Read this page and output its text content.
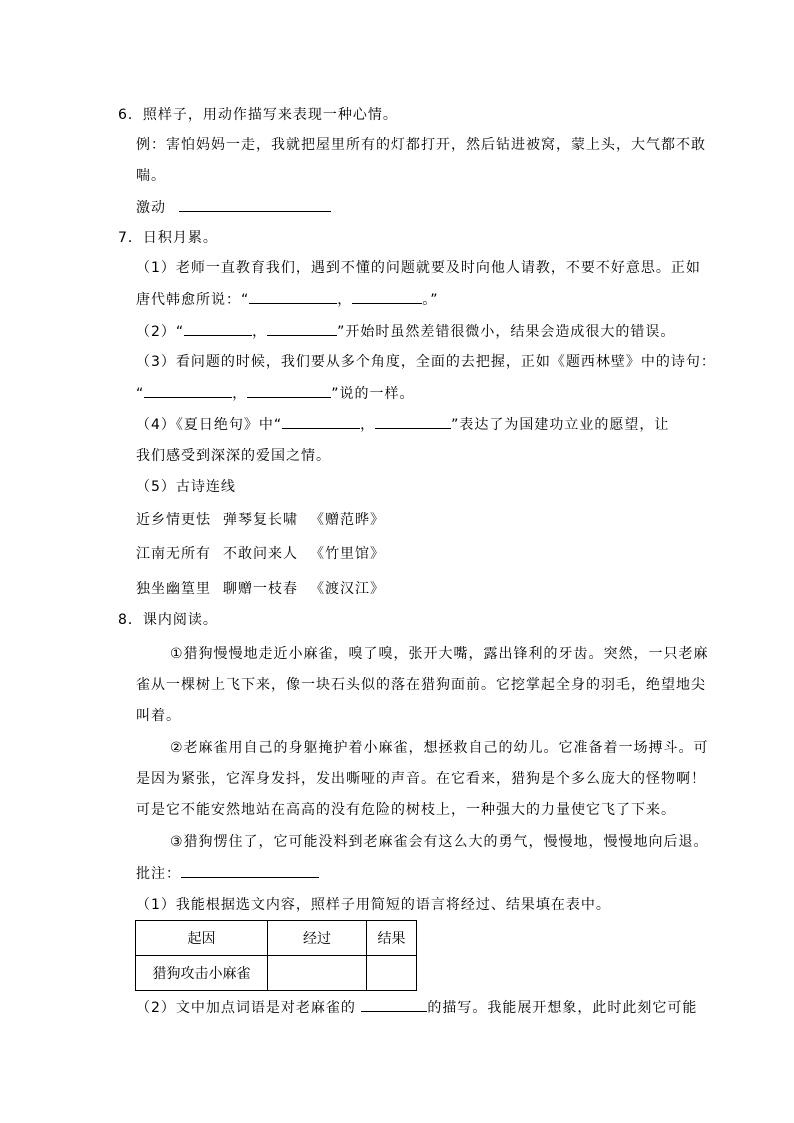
6．照样子，用动作描写来表现一种心情。
例：害怕妈妈一走，我就把屋里所有的灯都打开，然后钻进被窝，蒙上头，大气都不敢
喘。
激动
7．日积月累。
（1）老师一直教育我们，遇到不懂的问题就要及时向他人请教，不要不好意思。正如
唐代韩愈所说：“	，	。”
（2）“	，	”开始时虽然差错很微小，结果会造成很大的错误。
（3）看问题的时候，我们要从多个角度，全面的去把握，正如《题西林壁》中的诗句：
“	，	”说的一样。
（4）《夏日绝句》中“	，	”表达了为国建功立业的愿望，让
我们感受到深深的爱国之情。
（5）古诗连线
近乡情更怯 弹琴复长啸 《赠范晔》
江南无所有 不敢问来人 《竹里馆》
独坐幽篁里 聊赠一枝春 《渡汉江》
8．课内阅读。
①猎狗慢慢地走近小麻雀，嗅了嗅，张开大嘴，露出锋利的牙齿。突然，一只老麻
雀从一棵树上飞下来，像一块石头似的落在猎狗面前。它挖掌起全身的羽毛，绝望地尖
叫着。
②老麻雀用自己的身躯掩护着小麻雀，想拯救自己的幼儿。它准备着一场搏斗。可
是因为紧张，它浑身发抖，发出嘶哑的声音。在它看来，猎狗是个多么庞大的怪物啊！
可是它不能安然地站在高高的没有危险的树枝上，一种强大的力量使它飞了下来。
③猎狗愣住了，它可能没料到老麻雀会有这么大的勇气，慢慢地，慢慢地向后退。
批注：
（1）我能根据选文内容，照样子用简短的语言将经过、结果填在表中。
起因	经过	结果
猎狗攻击小麻雀		
（2）文中加点词语是对老麻雀的	的描写。我能展开想象，此时此刻它可能
